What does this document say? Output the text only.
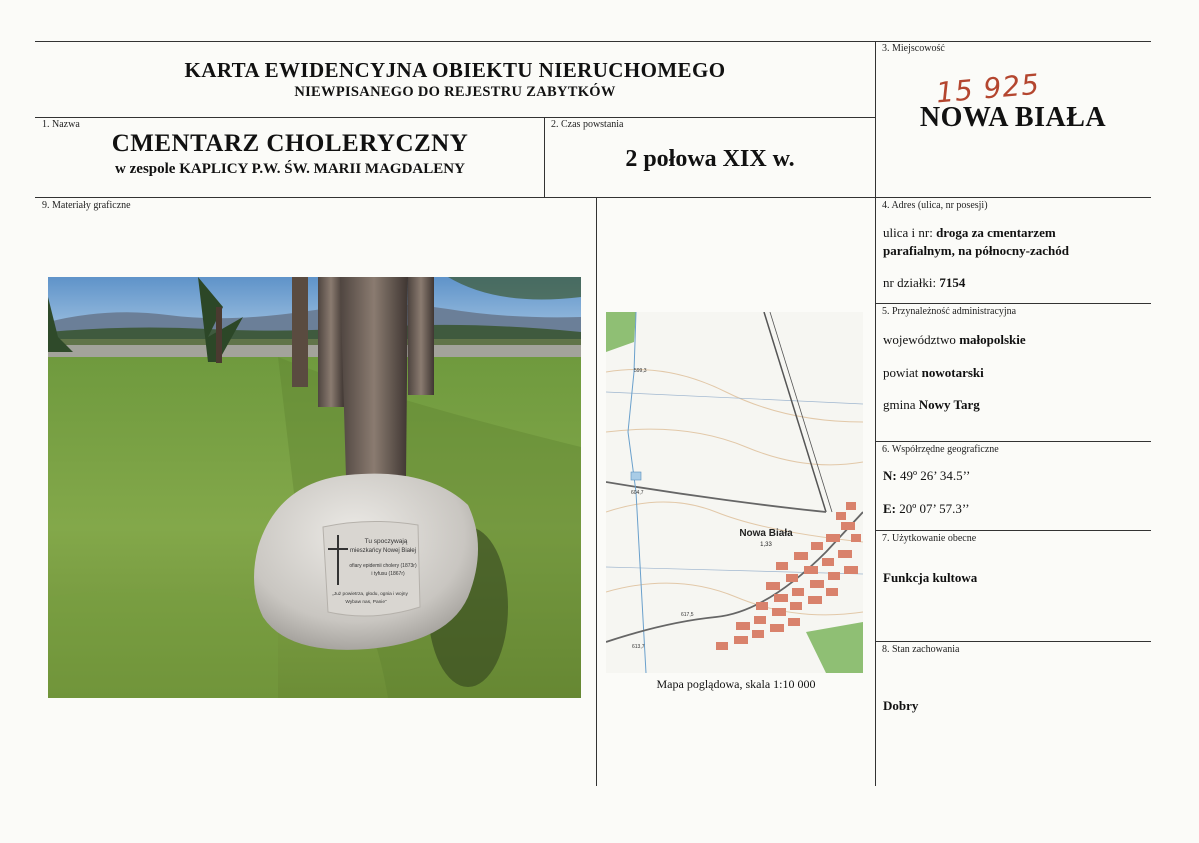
KARTA EWIDENCYJNA OBIEKTU NIERUCHOMEGO
NIEWPISANEGO DO REJESTRU ZABYTKÓW
1. Nazwa
CMENTARZ CHOLERYCZNY
w zespole KAPLICY P.W. ŚW. MARII MAGDALENY
2. Czas powstania
2 połowa XIX w.
3. Miejscowość
15 925
NOWA BIAŁA
4. Adres (ulica, nr posesji)
ulica i nr: droga za cmentarzem
parafialnym, na północny-zachód
nr działki: 7154
5. Przynależność administracyjna
województwo małopolskie
powiat nowotarski
gmina Nowy Targ
6. Współrzędne geograficzne
N: 49º 26’ 34.5’’
E: 20º 07’ 57.3’’
7. Użytkowanie obecne
Funkcja kultowa
8. Stan zachowania
Dobry
9. Materiały graficzne
Tu spoczywają
mieszkańcy Nowej Białej
ofiary epidemii cholery (1873r)
i tyfusu (1867r)
„Już powietrza, głodu, ognia i wojny
Wybaw nas, Panie”
Nowa Biała
1,33
599,3
604,7
617,5
613,7
Mapa poglądowa, skala 1:10 000
